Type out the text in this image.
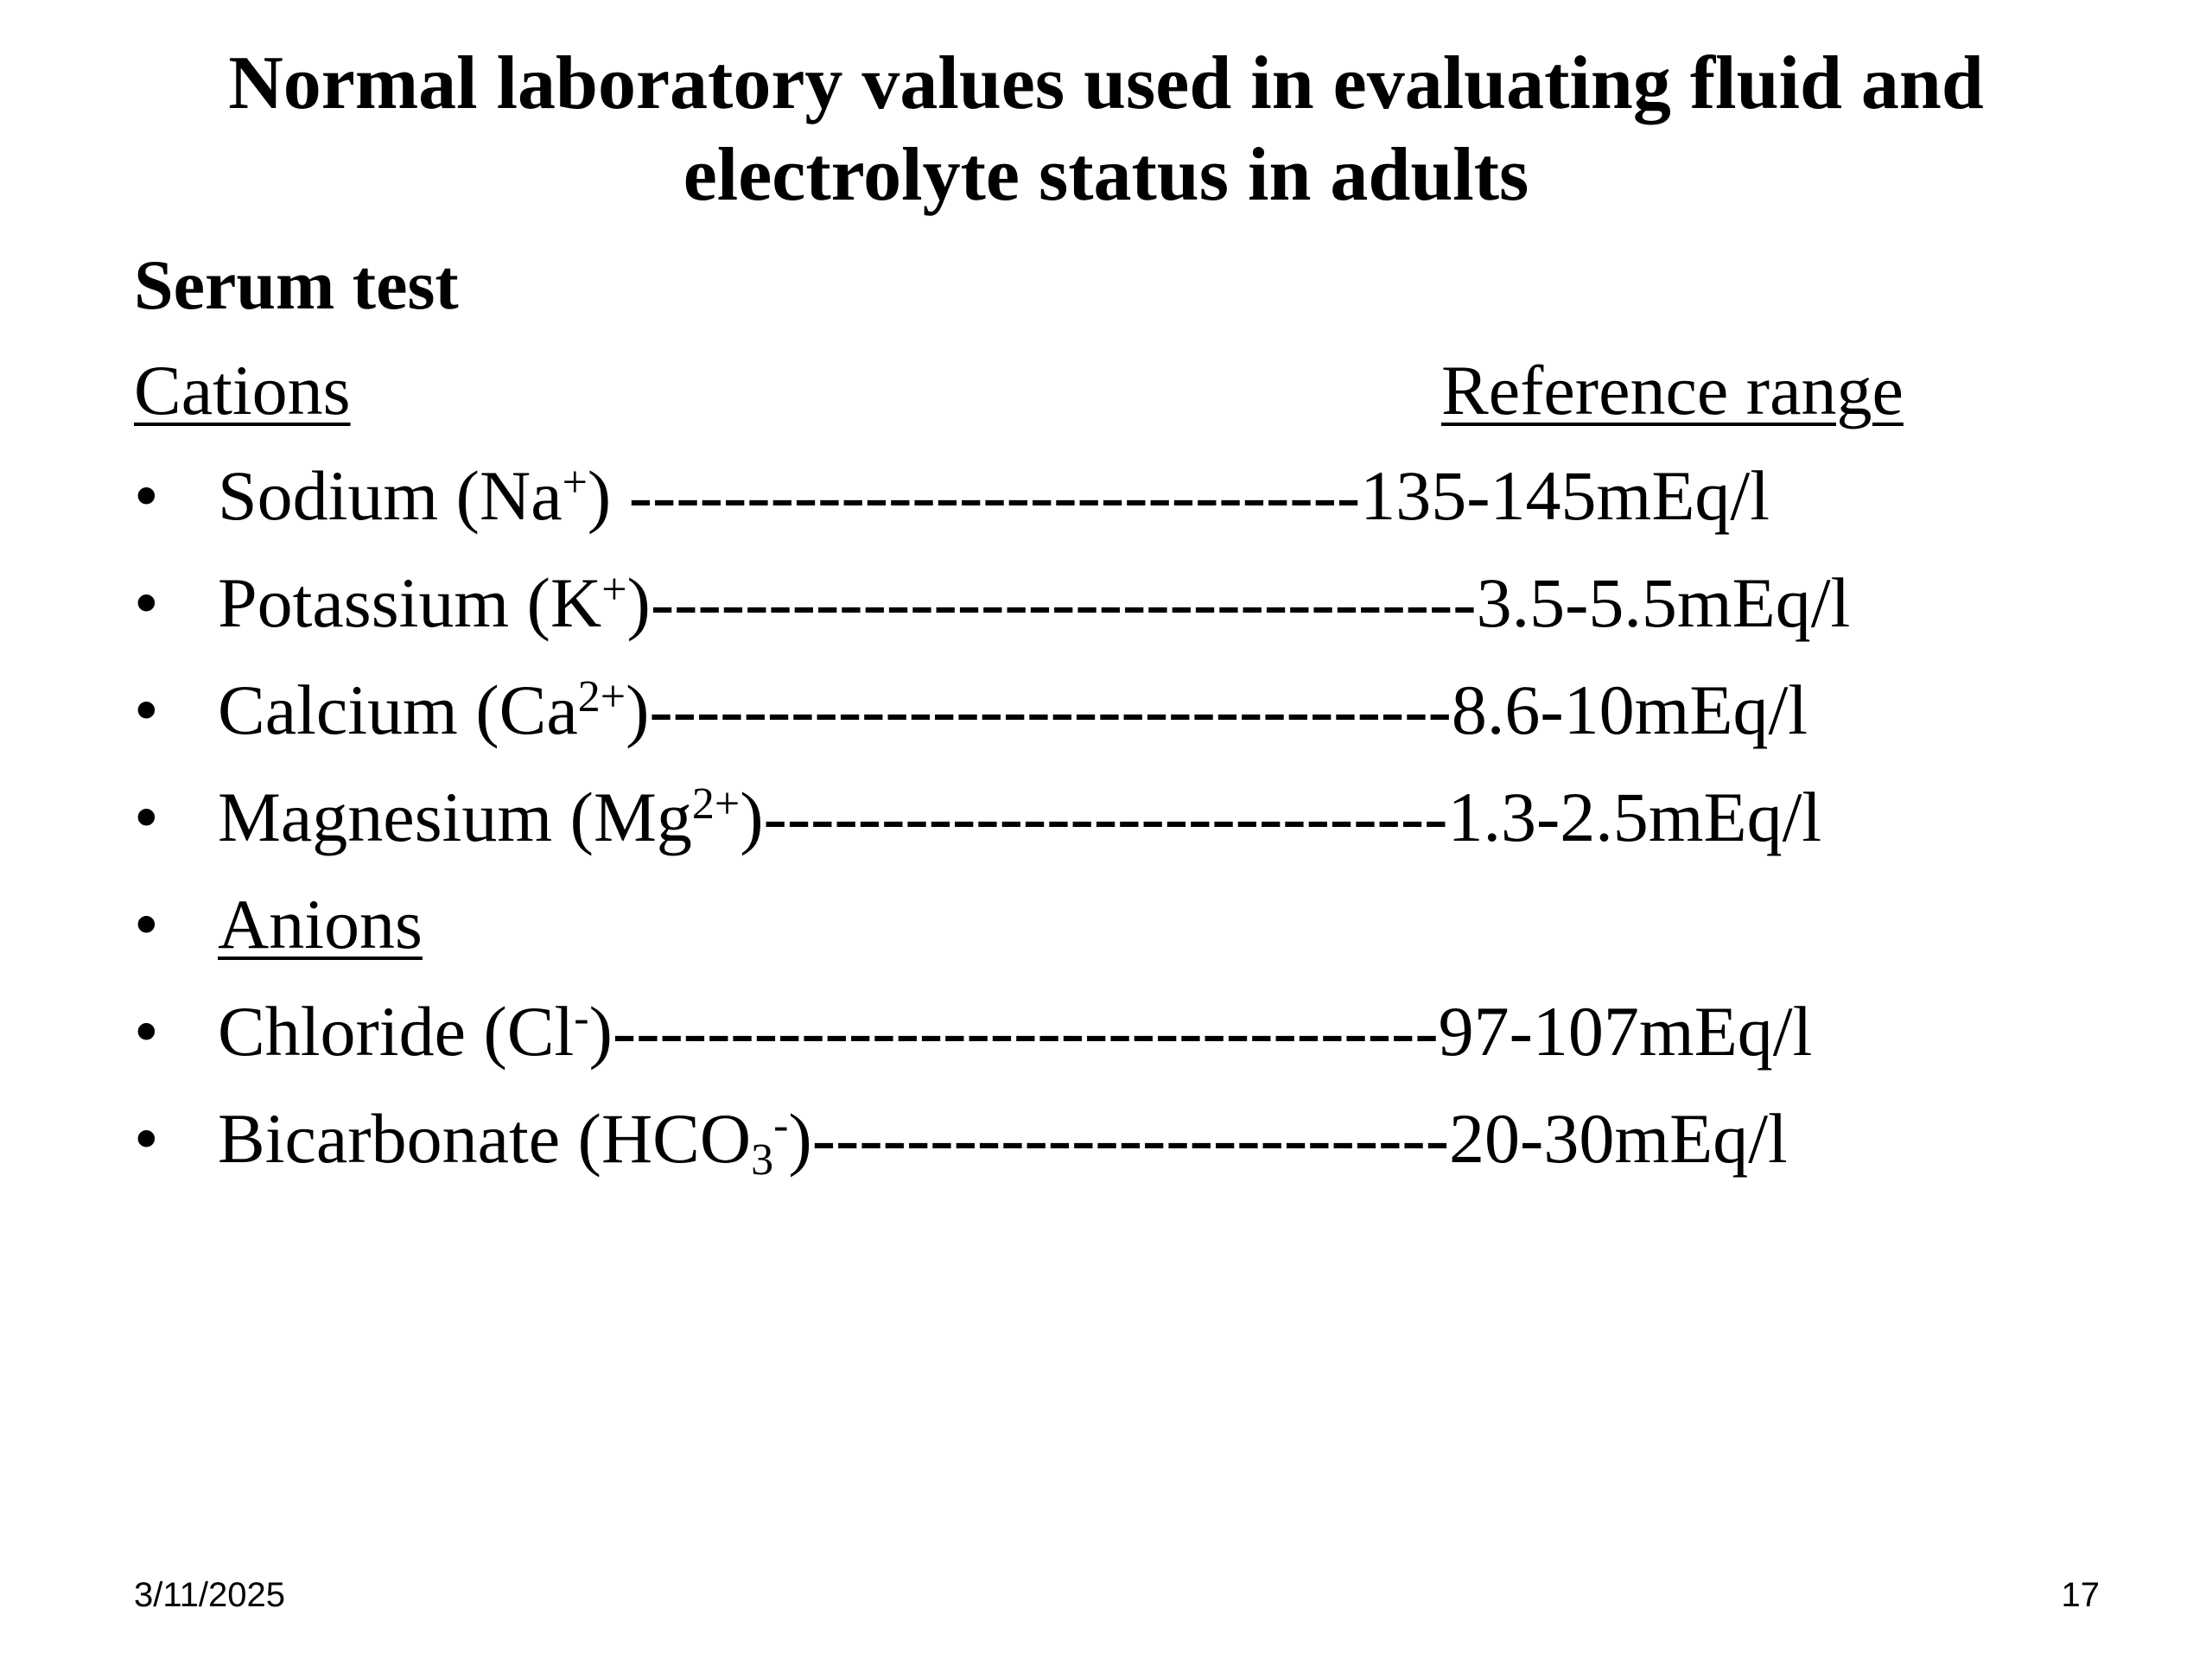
Normal laboratory values used in evaluating fluid and
electrolyte status in adults
Serum test
Cations	Reference range
• Sodium (Na+) -------------------------------135-145mEq/l
• Potassium (K+)-----------------------------------3.5-5.5mEq/l
• Calcium $(Ca^{2+})----------------------------------8.6-10mEq/l$
• Magnesium $(Mg^{2+})-----------------------------1.3-2.5mEq/l$
• Anions
• Chloride (Cl-)-----------------------------------97-107mEq/l
• Bicarbonate $(HCO_3^-)---------------------------20-30mEq/l$
3/11/2025	17
